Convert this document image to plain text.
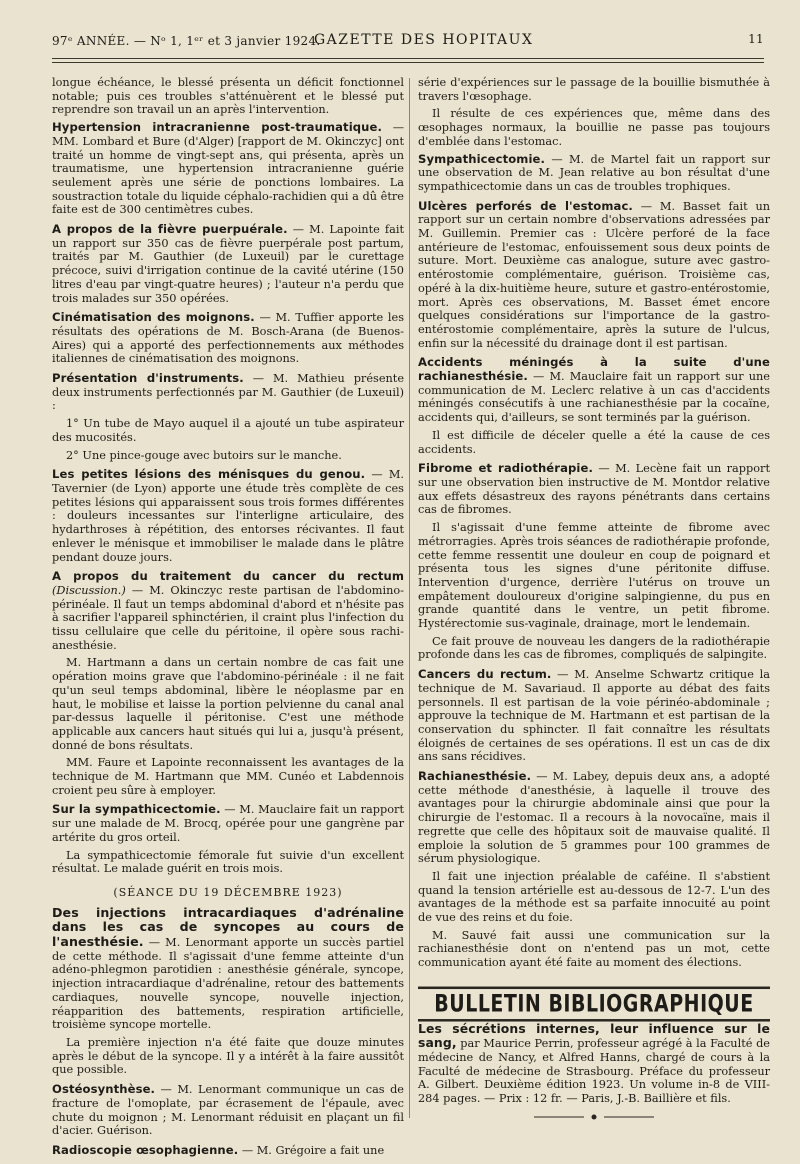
97ᵉ ANNÉE. — Nᵒ 1, 1ᵉʳ et 3 janvier 1924.
GAZETTE DES HOPITAUX	11

longue échéance, le blessé présenta un déficit fonctionnel notable; puis ces troubles s'atténuèrent et le blessé put reprendre son travail un an après l'intervention.

Hypertension intracranienne post-traumatique. — MM. Lombard et Bure (d'Alger) [rapport de M. Okinczyc] ont traité un homme de vingt-sept ans, qui présenta, après un traumatisme, une hypertension intracranienne guérie seulement après une série de ponctions lombaires. La soustraction totale du liquide céphalo-rachidien qui a dû être faite est de 300 centimètres cubes.

A propos de la fièvre puerpuérale. — M. Lapointe fait un rapport sur 350 cas de fièvre puerpérale post partum, traités par M. Gauthier (de Luxeuil) par le curettage précoce, suivi d'irrigation continue de la cavité utérine (150 litres d'eau par vingt-quatre heures) ; l'auteur n'a perdu que trois malades sur 350 opérées.

Cinématisation des moignons. — M. Tuffier apporte les résultats des opérations de M. Bosch-Arana (de Buenos-Aires) qui a apporté des perfectionnements aux méthodes italiennes de cinématisation des moignons.

Présentation d'instruments. — M. Mathieu présente deux instruments perfectionnés par M. Gauthier (de Luxeuil) :

1° Un tube de Mayo auquel il a ajouté un tube aspirateur des mucosités.

2° Une pince-gouge avec butoirs sur le manche.

Les petites lésions des ménisques du genou. — M. Tavernier (de Lyon) apporte une étude très complète de ces petites lésions qui apparaissent sous trois formes différentes : douleurs incessantes sur l'interligne articulaire, des hydarthroses à répétition, des entorses récivantes. Il faut enlever le ménisque et immobiliser le malade dans le plâtre pendant douze jours.

A propos du traitement du cancer du rectum (Discussion.) — M. Okinczyc reste partisan de l'abdomino-périnéale. Il faut un temps abdominal d'abord et n'hésite pas à sacrifier l'appareil sphinctérien, il craint plus l'infection du tissu cellulaire que celle du péritoine, il opère sous rachi-anesthésie.

M. Hartmann a dans un certain nombre de cas fait une opération moins grave que l'abdomino-périnéale : il ne fait qu'un seul temps abdominal, libère le néoplasme par en haut, le mobilise et laisse la portion pelvienne du canal anal par-dessus laquelle il péritonise. C'est une méthode applicable aux cancers haut situés qui lui a, jusqu'à présent, donné de bons résultats.

MM. Faure et Lapointe reconnaissent les avantages de la technique de M. Hartmann que MM. Cunéo et Labdennois croient peu sûre à employer.

Sur la sympathicectomie. — M. Mauclaire fait un rapport sur une malade de M. Brocq, opérée pour une gangrène par artérite du gros orteil.

La sympathicectomie fémorale fut suivie d'un excellent résultat. Le malade guérit en trois mois.

(SÉANCE DU 19 DÉCEMBRE 1923)

Des injections intracardiaques d'adrénaline dans les cas de syncopes au cours de l'anesthésie. — M. Lenormant apporte un succès partiel de cette méthode. Il s'agissait d'une femme atteinte d'un adéno-phlegmon parotidien : anesthésie générale, syncope, injection intracardiaque d'adrénaline, retour des battements cardiaques, nouvelle syncope, nouvelle injection, réapparition des battements, respiration artificielle, troisième syncope mortelle.

La première injection n'a été faite que douze minutes après le début de la syncope. Il y a intérêt à la faire aussitôt que possible.

Ostéosynthèse. — M. Lenormant communique un cas de fracture de l'omoplate, par écrasement de l'épaule, avec chute du moignon ; M. Lenormant réduisit en plaçant un fil d'acier. Guérison.

Radioscopie œsophagienne. — M. Grégoire a fait une

série d'expériences sur le passage de la bouillie bismuthée à travers l'œsophage.

Il résulte de ces expériences que, même dans des œsophages normaux, la bouillie ne passe pas toujours d'emblée dans l'estomac.

Sympathicectomie. — M. de Martel fait un rapport sur une observation de M. Jean relative au bon résultat d'une sympathicectomie dans un cas de troubles trophiques.

Ulcères perforés de l'estomac. — M. Basset fait un rapport sur un certain nombre d'observations adressées par M. Guillemin. Premier cas : Ulcère perforé de la face antérieure de l'estomac, enfouissement sous deux points de suture. Mort. Deuxième cas analogue, suture avec gastro-entérostomie complémentaire, guérison. Troisième cas, opéré à la dix-huitième heure, suture et gastro-entérostomie, mort. Après ces observations, M. Basset émet encore quelques considérations sur l'importance de la gastro-entérostomie complémentaire, après la suture de l'ulcus, enfin sur la nécessité du drainage dont il est partisan.

Accidents méningés à la suite d'une rachianesthésie. — M. Mauclaire fait un rapport sur une communication de M. Leclerc relative à un cas d'accidents méningés consécutifs à une rachianesthésie par la cocaïne, accidents qui, d'ailleurs, se sont terminés par la guérison.

Il est difficile de déceler quelle a été la cause de ces accidents.

Fibrome et radiothérapie. — M. Lecène fait un rapport sur une observation bien instructive de M. Montdor relative aux effets désastreux des rayons pénétrants dans certains cas de fibromes.

Il s'agissait d'une femme atteinte de fibrome avec métrorragies. Après trois séances de radiothérapie profonde, cette femme ressentit une douleur en coup de poignard et présenta tous les signes d'une péritonite diffuse. Intervention d'urgence, derrière l'utérus on trouve un empâtement douloureux d'origine salpingienne, du pus en grande quantité dans le ventre, un petit fibrome. Hystérectomie sus-vaginale, drainage, mort le lendemain.

Ce fait prouve de nouveau les dangers de la radiothérapie profonde dans les cas de fibromes, compliqués de salpingite.

Cancers du rectum. — M. Anselme Schwartz critique la technique de M. Savariaud. Il apporte au débat des faits personnels. Il est partisan de la voie périnéo-abdominale ; approuve la technique de M. Hartmann et est partisan de la conservation du sphincter. Il fait connaître les résultats éloignés de certaines de ses opérations. Il est un cas de dix ans sans récidives.

Rachianesthésie. — M. Labey, depuis deux ans, a adopté cette méthode d'anesthésie, à laquelle il trouve des avantages pour la chirurgie abdominale ainsi que pour la chirurgie de l'estomac. Il a recours à la novocaïne, mais il regrette que celle des hôpitaux soit de mauvaise qualité. Il emploie la solution de 5 grammes pour 100 grammes de sérum physiologique.

Il fait une injection préalable de caféine. Il s'abstient quand la tension artérielle est au-dessous de 12-7. L'un des avantages de la méthode est sa parfaite innocuité au point de vue des reins et du foie.

M. Sauvé fait aussi une communication sur la rachianesthésie dont on n'entend pas un mot, cette communication ayant été faite au moment des élections.

BULLETIN BIBLIOGRAPHIQUE

Les sécrétions internes, leur influence sur le sang, par Maurice Perrin, professeur agrégé à la Faculté de médecine de Nancy, et Alfred Hanns, chargé de cours à la Faculté de médecine de Strasbourg. Préface du professeur A. Gilbert. Deuxième édition 1923. Un volume in-8 de VIII-284 pages. — Prix : 12 fr. — Paris, J.-B. Baillière et fils.
